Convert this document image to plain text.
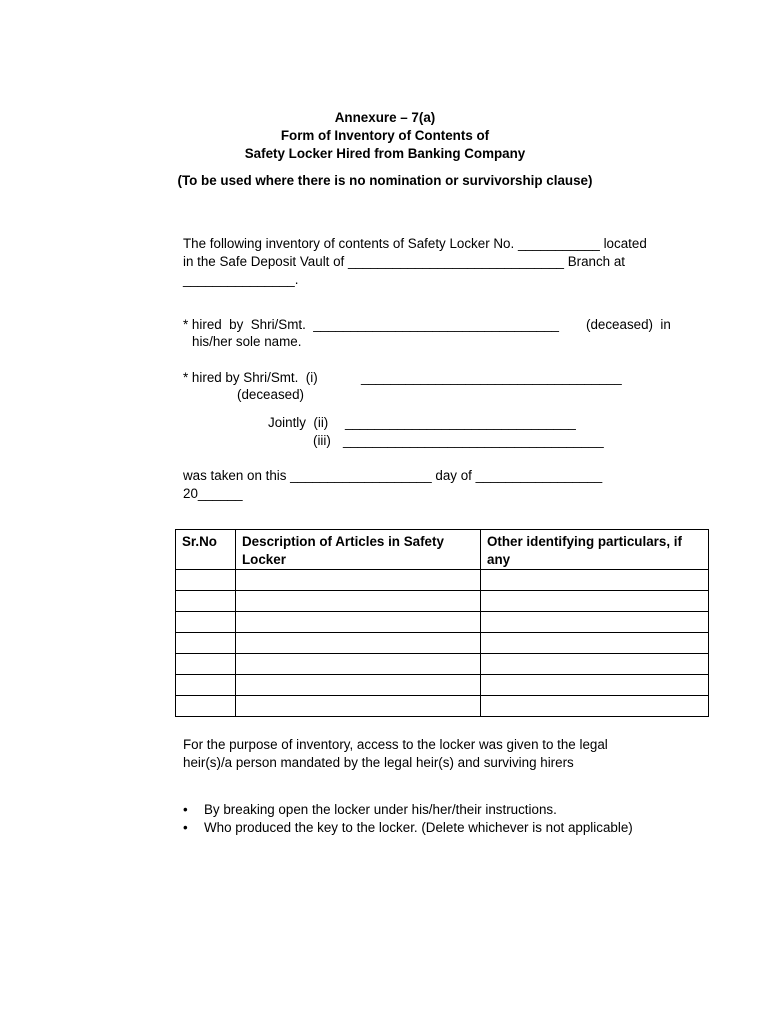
Annexure – 7(a)
Form of Inventory of Contents of
Safety Locker Hired from Banking Company
(To be used where there is no nomination or survivorship clause)
The following inventory of contents of Safety Locker No. ___________ located
in the Safe Deposit Vault of _____________________________ Branch at
_______________.
* hired  by  Shri/Smt.  _________________________________ (deceased)  in
his/her sole name.
* hired by Shri/Smt.  (i)	___________________________________
(deceased)
Jointly  (ii) _______________________________
(iii) ___________________________________
was taken on this ___________________ day of _________________
20______
Sr.No	Description of Articles in Safety Locker	Other identifying particulars, if any

For the purpose of inventory, access to the locker was given to the legal
heir(s)/a person mandated by the legal heir(s) and surviving hirers
• By breaking open the locker under his/her/their instructions.
• Who produced the key to the locker. (Delete whichever is not applicable)
